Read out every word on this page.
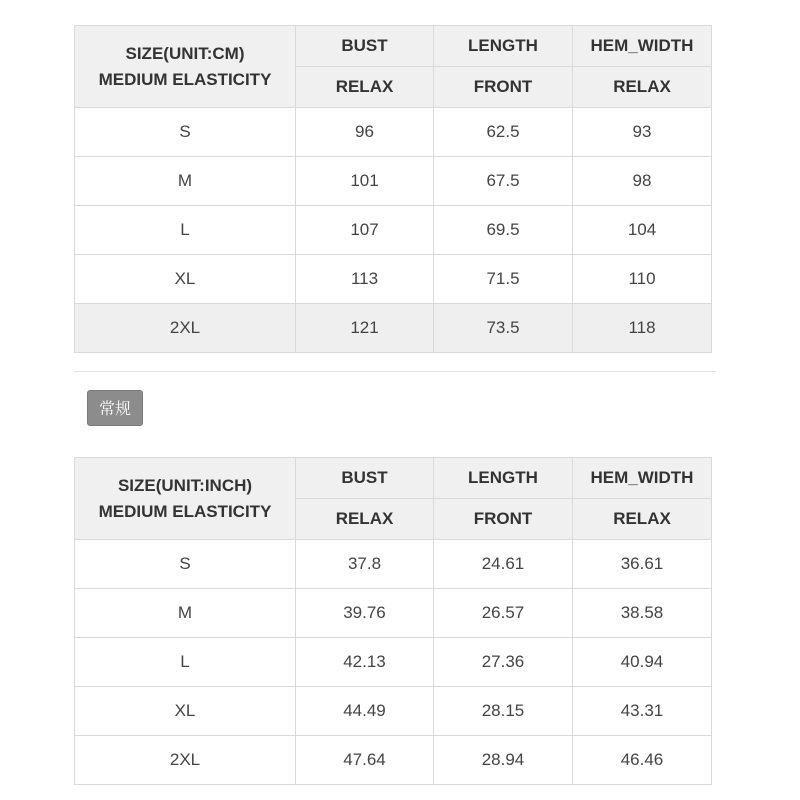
SIZE(UNIT:CM)
MEDIUM ELASTICITY	BUST	LENGTH	HEM_WIDTH
	RELAX	FRONT	RELAX
S	96	62.5	93
M	101	67.5	98
L	107	69.5	104
XL	113	71.5	110
2XL	121	73.5	118
常规
SIZE(UNIT:INCH)
MEDIUM ELASTICITY	BUST	LENGTH	HEM_WIDTH
	RELAX	FRONT	RELAX
S	37.8	24.61	36.61
M	39.76	26.57	38.58
L	42.13	27.36	40.94
XL	44.49	28.15	43.31
2XL	47.64	28.94	46.46
